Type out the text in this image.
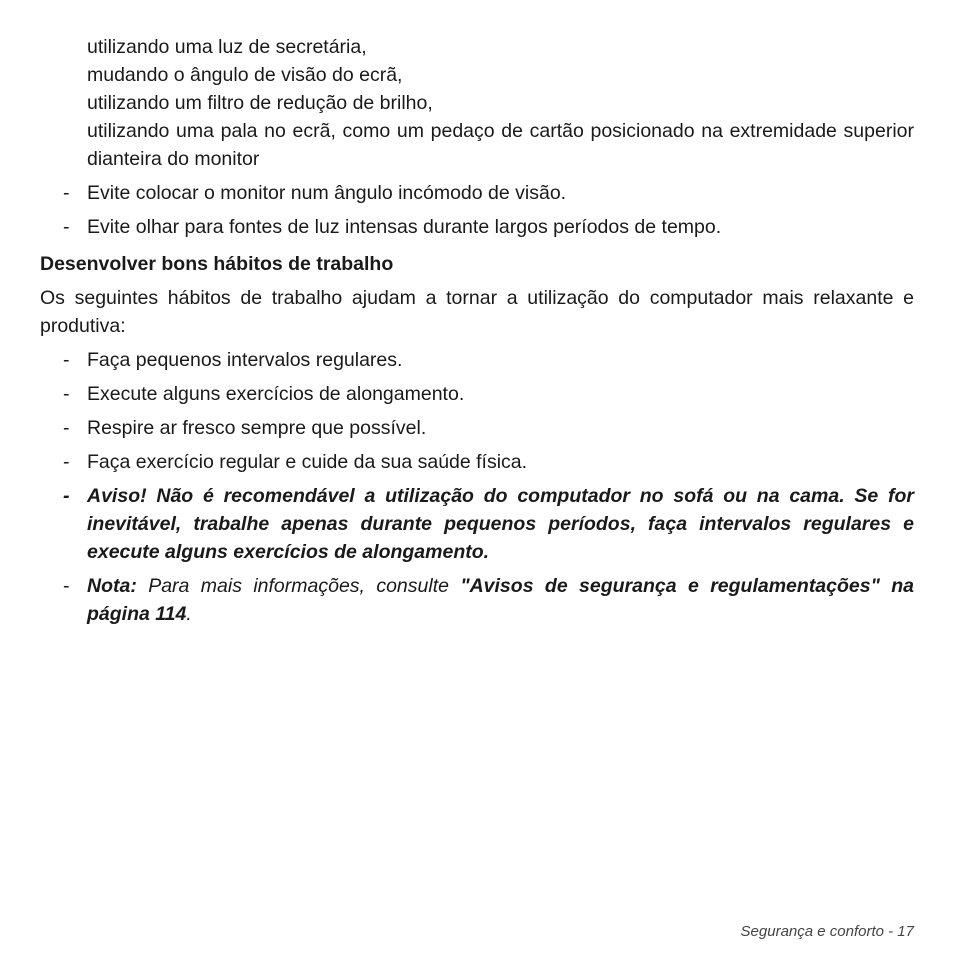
utilizando uma luz de secretária,
mudando o ângulo de visão do ecrã,
utilizando um filtro de redução de brilho,
utilizando uma pala no ecrã, como um pedaço de cartão posicionado na extremidade superior dianteira do monitor
- Evite colocar o monitor num ângulo incómodo de visão.
- Evite olhar para fontes de luz intensas durante largos períodos de tempo.
Desenvolver bons hábitos de trabalho
Os seguintes hábitos de trabalho ajudam a tornar a utilização do computador mais relaxante e produtiva:
- Faça pequenos intervalos regulares.
- Execute alguns exercícios de alongamento.
- Respire ar fresco sempre que possível.
- Faça exercício regular e cuide da sua saúde física.
- Aviso! Não é recomendável a utilização do computador no sofá ou na cama. Se for inevitável, trabalhe apenas durante pequenos períodos, faça intervalos regulares e execute alguns exercícios de alongamento.
- Nota: Para mais informações, consulte "Avisos de segurança e regulamentações" na página 114.
Segurança e conforto - 17
